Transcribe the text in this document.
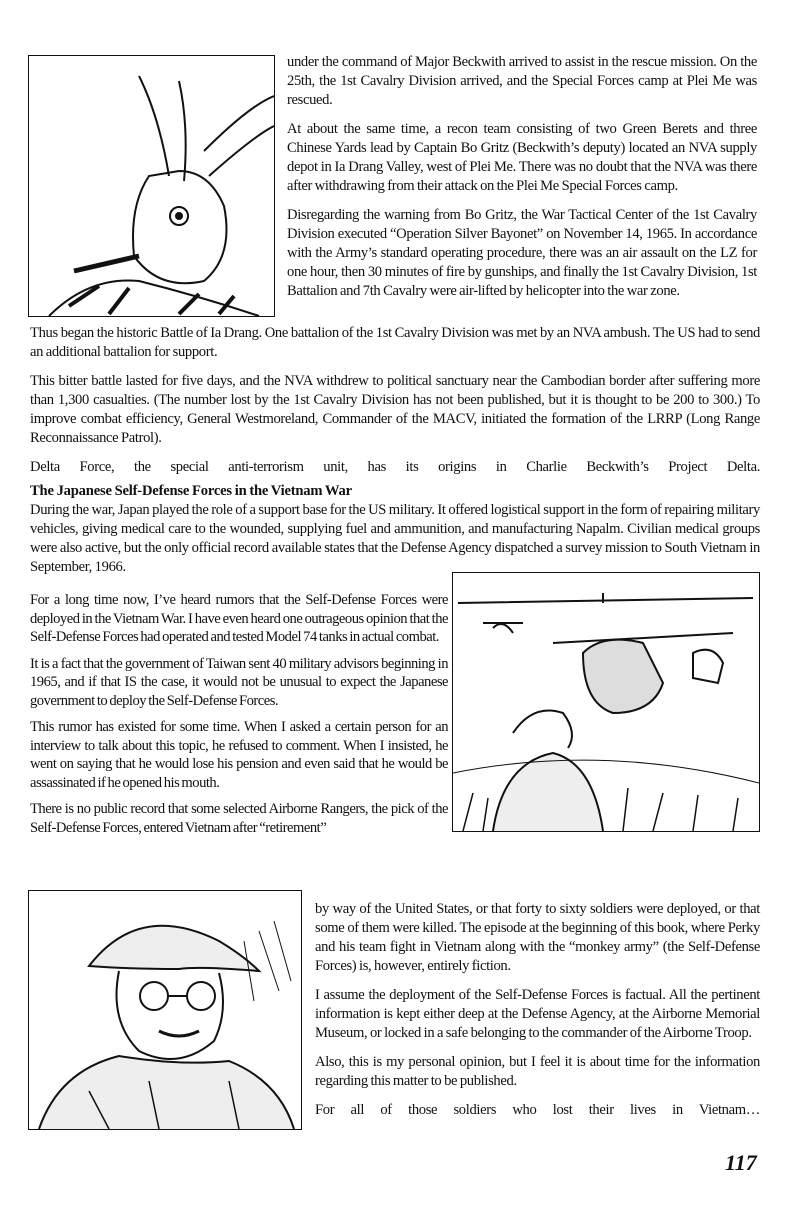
under the command of Major Beckwith arrived to assist in the rescue mission. On the 25th, the 1st Cavalry Division arrived, and the Special Forces camp at Plei Me was rescued.

At about the same time, a recon team consisting of two Green Berets and three Chinese Yards lead by Captain Bo Gritz (Beckwith’s deputy) located an NVA supply depot in Ia Drang Valley, west of Plei Me. There was no doubt that the NVA was there after withdrawing from their attack on the Plei Me Special Forces camp.

Disregarding the warning from Bo Gritz, the War Tactical Center of the 1st Cavalry Division executed “Operation Silver Bayonet” on November 14, 1965. In accordance with the Army’s standard operating procedure, there was an air assault on the LZ for one hour, then 30 minutes of fire by gunships, and finally the 1st Cavalry Division, 1st Battalion and 7th Cavalry were air-lifted by helicopter into the war zone.

Thus began the historic Battle of Ia Drang. One battalion of the 1st Cavalry Division was met by an NVA ambush. The US had to send an additional battalion for support.

This bitter battle lasted for five days, and the NVA withdrew to political sanctuary near the Cambodian border after suffering more than 1,300 casualties. (The number lost by the 1st Cavalry Division has not been published, but it is thought to be 200 to 300.) To improve combat efficiency, General Westmoreland, Commander of the MACV, initiated the formation of the LRRP (Long Range Reconnaissance Patrol).

Delta Force, the special anti-terrorism unit, has its origins in Charlie Beckwith’s Project Delta.

The Japanese Self-Defense Forces in the Vietnam War

During the war, Japan played the role of a support base for the US military. It offered logistical support in the form of repairing military vehicles, giving medical care to the wounded, supplying fuel and ammunition, and manufacturing Napalm. Civilian medical groups were also active, but the only official record available states that the Defense Agency dispatched a survey mission to South Vietnam in September, 1966.

For a long time now, I’ve heard rumors that the Self-Defense Forces were deployed in the Vietnam War. I have even heard one outrageous opinion that the Self-Defense Forces had operated and tested Model 74 tanks in actual combat.

It is a fact that the government of Taiwan sent 40 military advisors beginning in 1965, and if that IS the case, it would not be unusual to expect the Japanese government to deploy the Self-Defense Forces.

This rumor has existed for some time. When I asked a certain person for an interview to talk about this topic, he refused to comment. When I insisted, he went on saying that he would lose his pension and even said that he would be assassinated if he opened his mouth.

There is no public record that some selected Airborne Rangers, the pick of the Self-Defense Forces, entered Vietnam after “retirement”

by way of the United States, or that forty to sixty soldiers were deployed, or that some of them were killed. The episode at the beginning of this book, where Perky and his team fight in Vietnam along with the “monkey army” (the Self-Defense Forces) is, however, entirely fiction.

I assume the deployment of the Self-Defense Forces is factual. All the pertinent information is kept either deep at the Defense Agency, at the Airborne Memorial Museum, or locked in a safe belonging to the commander of the Airborne Troop.

Also, this is my personal opinion, but I feel it is about time for the information regarding this matter to be published.

For all of those soldiers who lost their lives in Vietnam…

117
